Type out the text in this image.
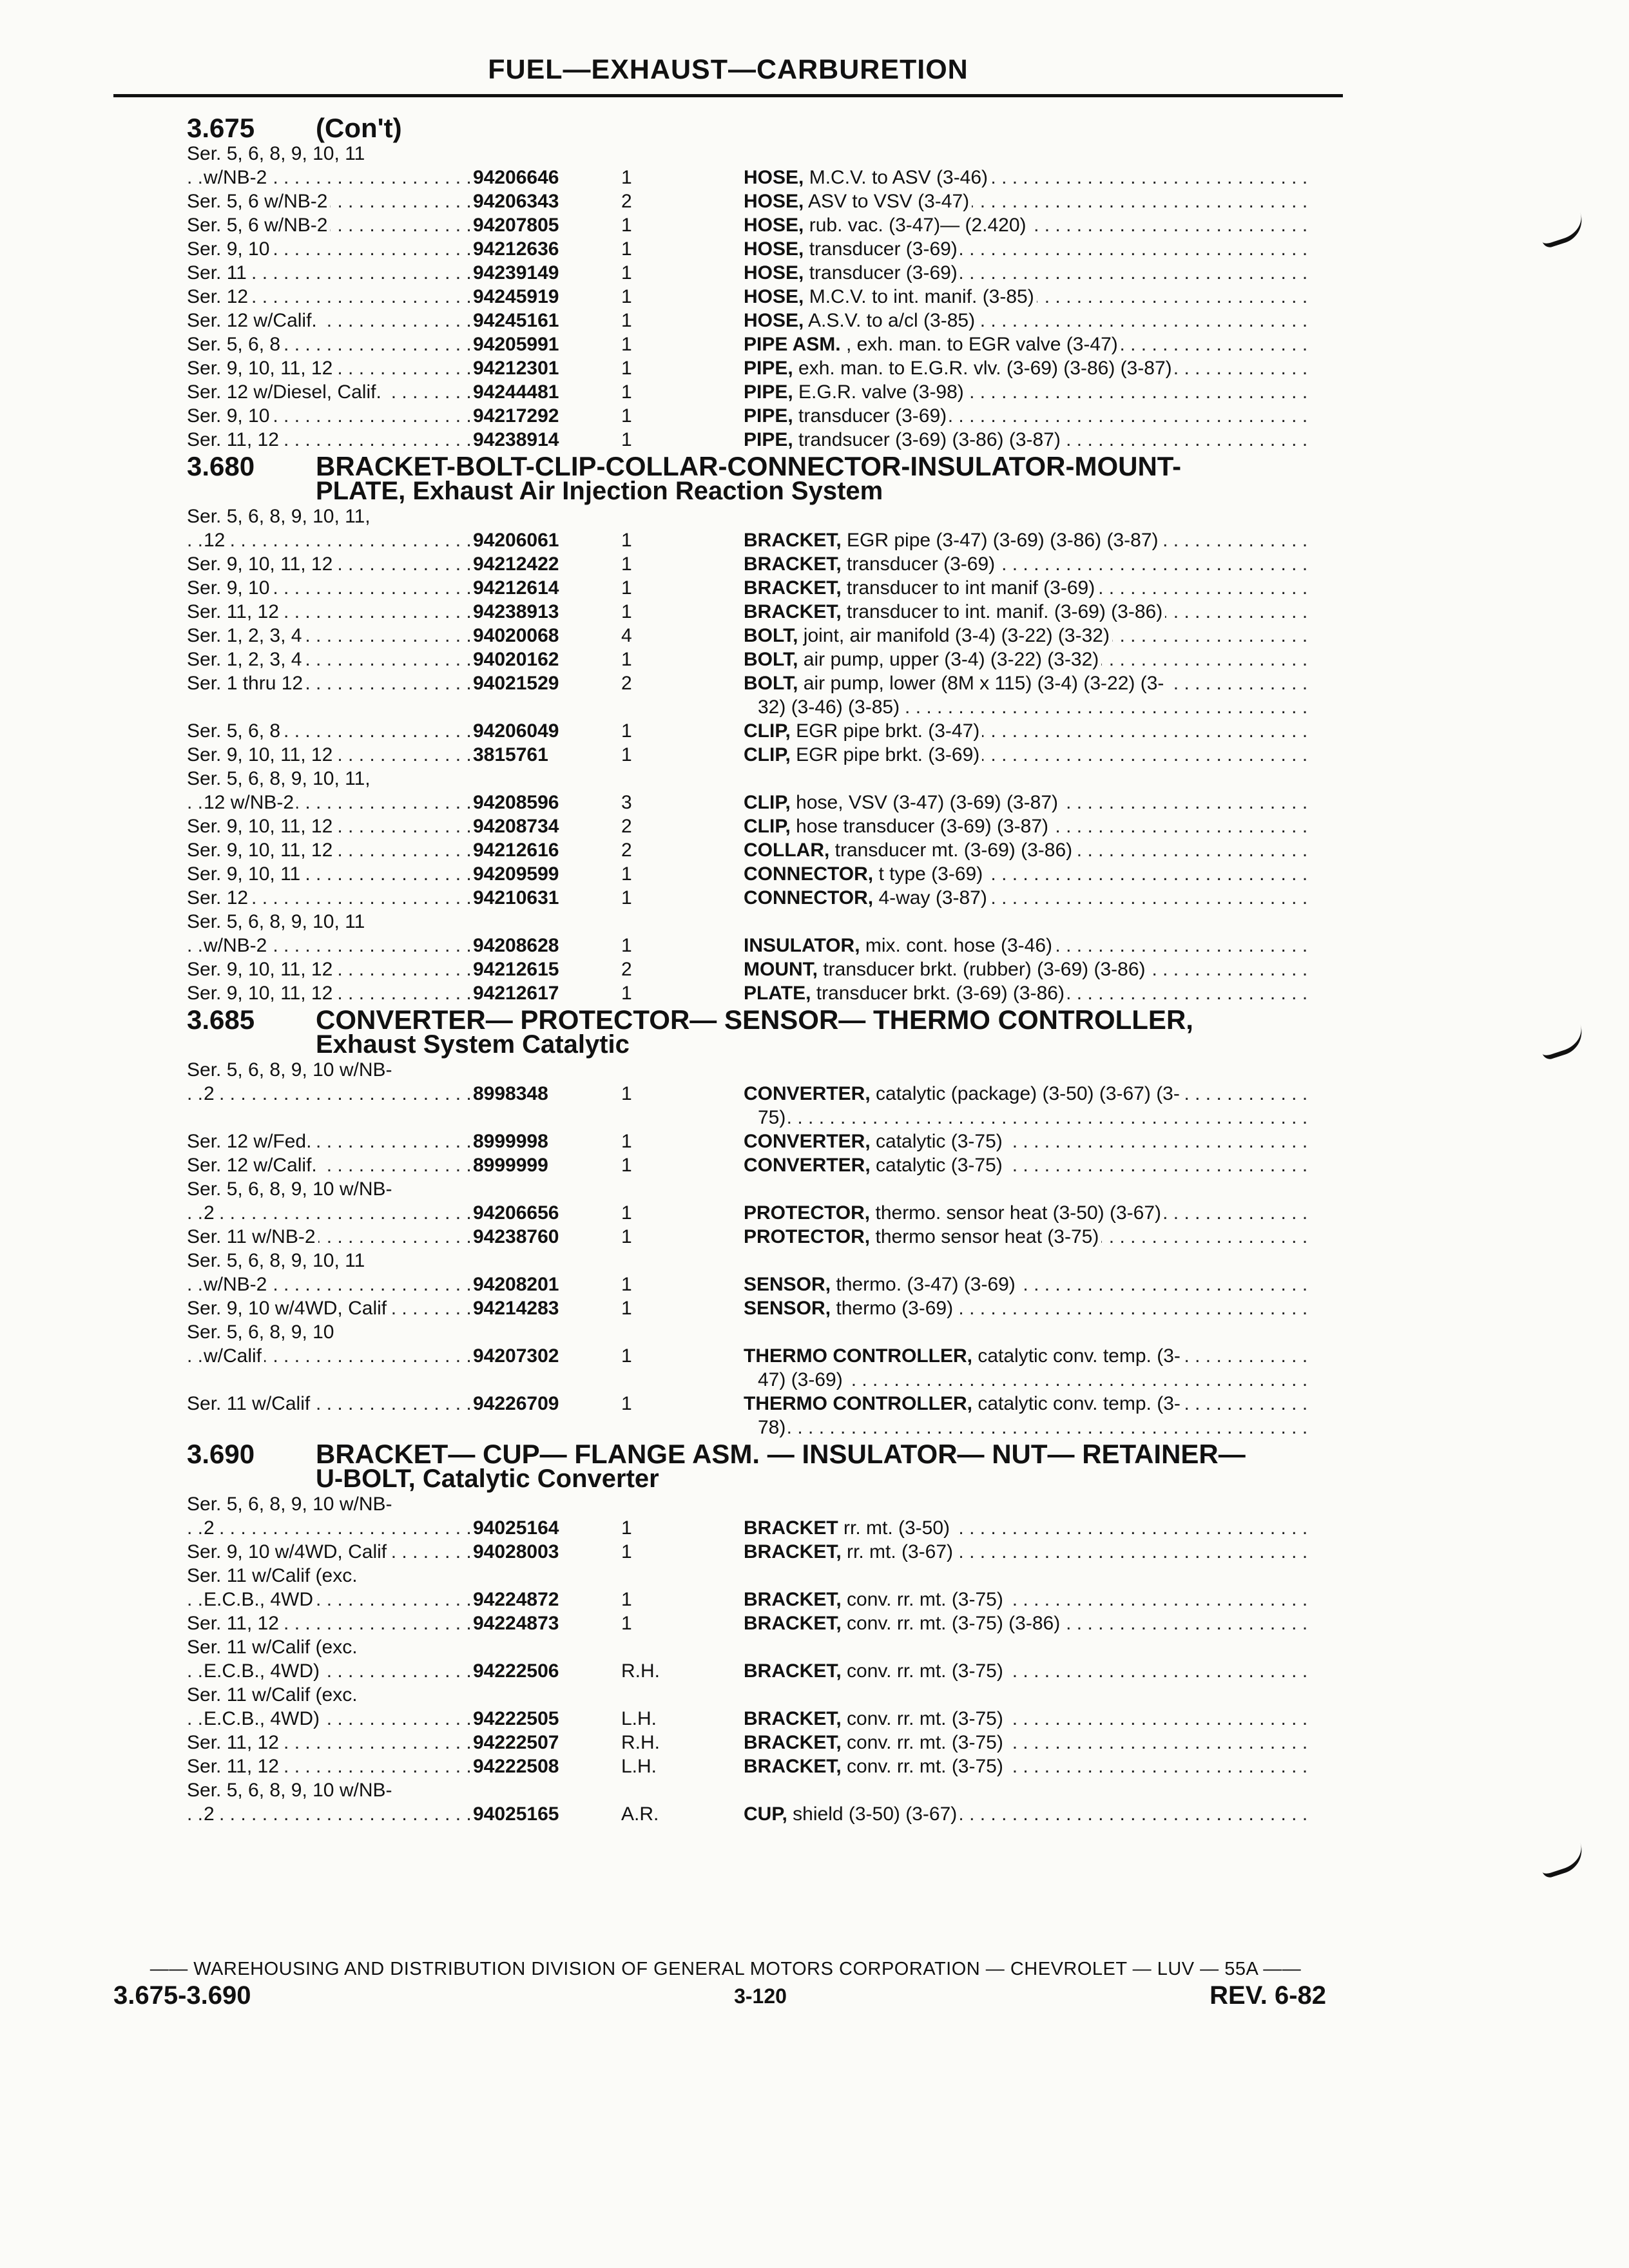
FUEL—EXHAUST—CARBURETION
3.675 (Con't)
Ser. 5, 6, 8, 9, 10, 11
w/NB-2 . . .	94206646	1	HOSE, M.C.V. to ASV (3-46) . . .
Ser. 5, 6 w/NB-2 . . .	94206343	2	HOSE, ASV to VSV (3-47) . . .
Ser. 5, 6 w/NB-2 . . .	94207805	1	HOSE, rub. vac. (3-47)— (2.420) . . .
Ser. 9, 10 . . .	94212636	1	HOSE, transducer (3-69) . . .
Ser. 11 . . .	94239149	1	HOSE, transducer (3-69) . . .
Ser. 12 . . .	94245919	1	HOSE, M.C.V. to int. manif. (3-85) . . .
Ser. 12 w/Calif. . . .	94245161	1	HOSE, A.S.V. to a/cl (3-85) . . .
Ser. 5, 6, 8 . . .	94205991	1	PIPE ASM. , exh. man. to EGR valve (3-47) . . .
Ser. 9, 10, 11, 12 . . .	94212301	1	PIPE, exh. man. to E.G.R. vlv. (3-69) (3-86) (3-87) . . .
Ser. 12 w/Diesel, Calif. . . .	94244481	1	PIPE, E.G.R. valve (3-98) . . .
Ser. 9, 10 . . .	94217292	1	PIPE, transducer (3-69) . . .
Ser. 11, 12 . . .	94238914	1	PIPE, trandsucer (3-69) (3-86) (3-87) . . .
3.680 BRACKET-BOLT-CLIP-COLLAR-CONNECTOR-INSULATOR-MOUNT-
PLATE, Exhaust Air Injection Reaction System
Ser. 5, 6, 8, 9, 10, 11,
12 . . .	94206061	1	BRACKET, EGR pipe (3-47) (3-69) (3-86) (3-87) . . .
Ser. 9, 10, 11, 12 . . .	94212422	1	BRACKET, transducer (3-69) . . .
Ser. 9, 10 . . .	94212614	1	BRACKET, transducer to int manif (3-69) . . .
Ser. 11, 12 . . .	94238913	1	BRACKET, transducer to int. manif. (3-69) (3-86) . . .
Ser. 1, 2, 3, 4 . . .	94020068	4	BOLT, joint, air manifold (3-4) (3-22) (3-32) . . .
Ser. 1, 2, 3, 4 . . .	94020162	1	BOLT, air pump, upper (3-4) (3-22) (3-32) . . .
Ser. 1 thru 12 . . .	94021529	2	BOLT, air pump, lower (8M x 115) (3-4) (3-22) (3- . . .
32) (3-46) (3-85) . . .
Ser. 5, 6, 8 . . .	94206049	1	CLIP, EGR pipe brkt. (3-47) . . .
Ser. 9, 10, 11, 12 . . .	3815761	1	CLIP, EGR pipe brkt. (3-69) . . .
Ser. 5, 6, 8, 9, 10, 11,
12 w/NB-2 . . .	94208596	3	CLIP, hose, VSV (3-47) (3-69) (3-87) . . .
Ser. 9, 10, 11, 12 . . .	94208734	2	CLIP, hose transducer (3-69) (3-87) . . .
Ser. 9, 10, 11, 12 . . .	94212616	2	COLLAR, transducer mt. (3-69) (3-86) . . .
Ser. 9, 10, 11 . . .	94209599	1	CONNECTOR, t type (3-69) . . .
Ser. 12 . . .	94210631	1	CONNECTOR, 4-way (3-87) . . .
Ser. 5, 6, 8, 9, 10, 11
w/NB-2 . . .	94208628	1	INSULATOR, mix. cont. hose (3-46) . . .
Ser. 9, 10, 11, 12 . . .	94212615	2	MOUNT, transducer brkt. (rubber) (3-69) (3-86) . . .
Ser. 9, 10, 11, 12 . . .	94212617	1	PLATE, transducer brkt. (3-69) (3-86) . . .
3.685 CONVERTER— PROTECTOR— SENSOR— THERMO CONTROLLER,
Exhaust System Catalytic
Ser. 5, 6, 8, 9, 10 w/NB-
2 . . .	8998348	1	CONVERTER, catalytic (package) (3-50) (3-67) (3- . . .
75) . . .
Ser. 12 w/Fed. . . .	8999998	1	CONVERTER, catalytic (3-75) . . .
Ser. 12 w/Calif. . . .	8999999	1	CONVERTER, catalytic (3-75) . . .
Ser. 5, 6, 8, 9, 10 w/NB-
2 . . .	94206656	1	PROTECTOR, thermo. sensor heat (3-50) (3-67) . . .
Ser. 11 w/NB-2 . . .	94238760	1	PROTECTOR, thermo sensor heat (3-75) . . .
Ser. 5, 6, 8, 9, 10, 11
w/NB-2 . . .	94208201	1	SENSOR, thermo. (3-47) (3-69) . . .
Ser. 9, 10 w/4WD, Calif . . .	94214283	1	SENSOR, thermo (3-69) . . .
Ser. 5, 6, 8, 9, 10
w/Calif . . .	94207302	1	THERMO CONTROLLER, catalytic conv. temp. (3- . . .
47) (3-69) . . .
Ser. 11 w/Calif . . .	94226709	1	THERMO CONTROLLER, catalytic conv. temp. (3- . . .
78) . . .
3.690 BRACKET— CUP— FLANGE ASM. — INSULATOR— NUT— RETAINER—
U-BOLT, Catalytic Converter
Ser. 5, 6, 8, 9, 10 w/NB-
2 . . .	94025164	1	BRACKET rr. mt. (3-50) . . .
Ser. 9, 10 w/4WD, Calif . . .	94028003	1	BRACKET, rr. mt. (3-67) . . .
Ser. 11 w/Calif (exc.
E.C.B., 4WD . . .	94224872	1	BRACKET, conv. rr. mt. (3-75) . . .
Ser. 11, 12 . . .	94224873	1	BRACKET, conv. rr. mt. (3-75) (3-86) . . .
Ser. 11 w/Calif (exc.
E.C.B., 4WD) . . .	94222506	R.H.	BRACKET, conv. rr. mt. (3-75) . . .
Ser. 11 w/Calif (exc.
E.C.B., 4WD) . . .	94222505	L.H.	BRACKET, conv. rr. mt. (3-75) . . .
Ser. 11, 12 . . .	94222507	R.H.	BRACKET, conv. rr. mt. (3-75) . . .
Ser. 11, 12 . . .	94222508	L.H.	BRACKET, conv. rr. mt. (3-75) . . .
Ser. 5, 6, 8, 9, 10 w/NB-
2 . . .	94025165	A.R.	CUP, shield (3-50) (3-67) . . .
—— WAREHOUSING AND DISTRIBUTION DIVISION OF GENERAL MOTORS CORPORATION — CHEVROLET — LUV — 55A ——
3.675-3.690	3-120	REV. 6-82
